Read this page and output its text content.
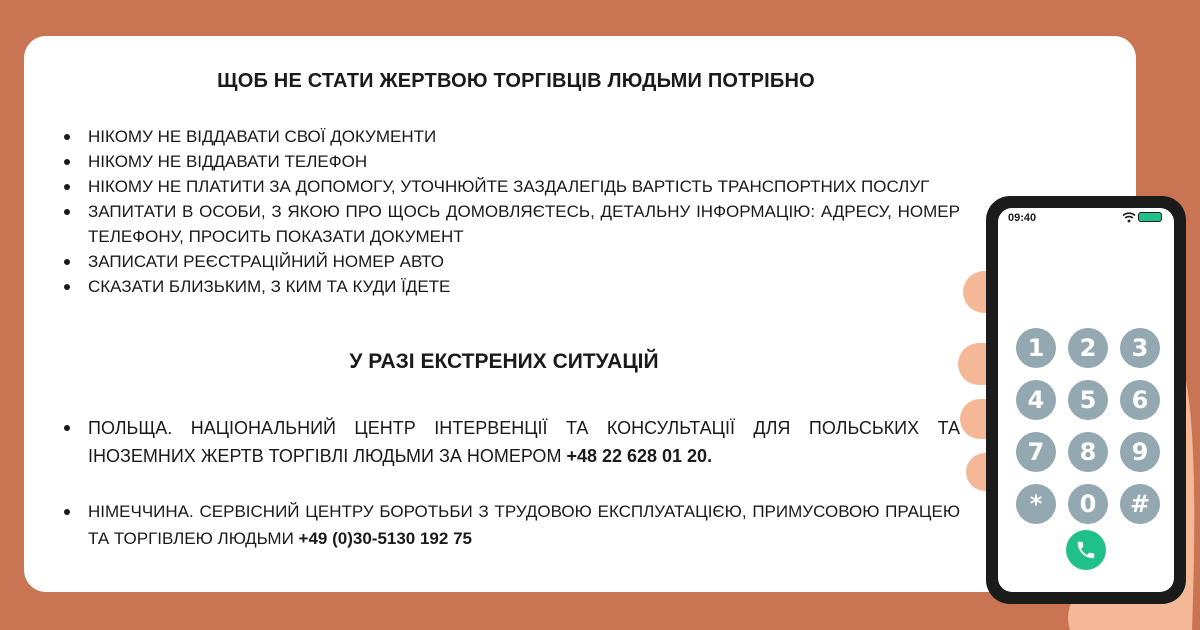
ЩОБ НЕ СТАТИ ЖЕРТВОЮ ТОРГІВЦІВ ЛЮДЬМИ ПОТРІБНО
НІКОМУ НЕ ВІДДАВАТИ СВОЇ ДОКУМЕНТИ
НІКОМУ НЕ ВІДДАВАТИ ТЕЛЕФОН
НІКОМУ НЕ ПЛАТИТИ ЗА ДОПОМОГУ, УТОЧНЮЙТЕ ЗАЗДАЛЕГІДЬ ВАРТІСТЬ ТРАНСПОРТНИХ ПОСЛУГ
ЗАПИТАТИ В ОСОБИ, З ЯКОЮ ПРО ЩОСЬ ДОМОВЛЯЄТЕСЬ, ДЕТАЛЬНУ ІНФОРМАЦІЮ: АДРЕСУ, НОМЕР ТЕЛЕФОНУ, ПРОСИТЬ ПОКАЗАТИ ДОКУМЕНТ
ЗАПИСАТИ РЕЄСТРАЦІЙНИЙ НОМЕР АВТО
СКАЗАТИ БЛИЗЬКИМ, З КИМ ТА КУДИ ЇДЕТЕ
У РАЗІ ЕКСТРЕНИХ СИТУАЦІЙ
ПОЛЬЩА. НАЦІОНАЛЬНИЙ ЦЕНТР ІНТЕРВЕНЦІЇ ТА КОНСУЛЬТАЦІЇ ДЛЯ ПОЛЬСЬКИХ ТА ІНОЗЕМНИХ ЖЕРТВ ТОРГІВЛІ ЛЮДЬМИ ЗА НОМЕРОМ +48 22 628 01 20.
НІМЕЧЧИНА. СЕРВІСНИЙ ЦЕНТРУ БОРОТЬБИ З ТРУДОВОЮ ЕКСПЛУАТАЦІЄЮ, ПРИМУСОВОЮ ПРАЦЕЮ ТА ТОРГІВЛЕЮ ЛЮДЬМИ +49 (0)30-5130 192 75
09:40
1	2	3
4	5	6
7	8	9
*	0	#
